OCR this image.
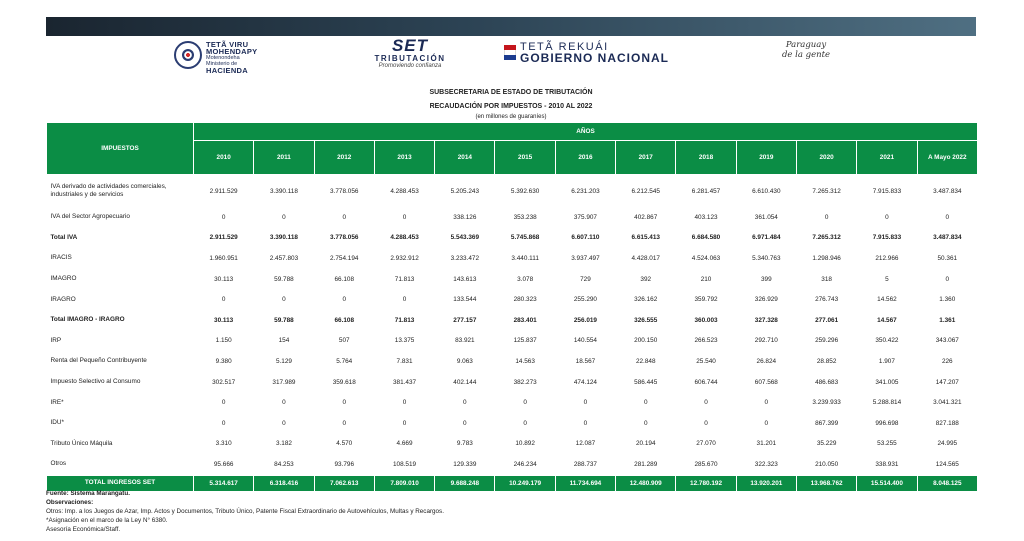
TETÃ VIRU
MOHENDAPY
Motenondeha
Ministerio de
HACIENDA
SET
TRIBUTACIÓN
Promoviendo confianza
TETÃ REKUÁI
GOBIERNO NACIONAL
Paraguay
de la gente
SUBSECRETARIA DE ESTADO DE TRIBUTACIÓN
RECAUDACIÓN POR IMPUESTOS - 2010 AL 2022
(en millones de guaraníes)
IMPUESTOS	AÑOS												
	2010	2011	2012	2013	2014	2015	2016	2017	2018	2019	2020	2021	A Mayo 2022
IVA derivado de actividades comerciales, industriales y de servicios	2.911.529	3.390.118	3.778.056	4.288.453	5.205.243	5.392.630	6.231.203	6.212.545	6.281.457	6.610.430	7.265.312	7.915.833	3.487.834
IVA del Sector Agropecuario	0	0	0	0	338.126	353.238	375.907	402.867	403.123	361.054	0	0	0
Total IVA	2.911.529	3.390.118	3.778.056	4.288.453	5.543.369	5.745.868	6.607.110	6.615.413	6.684.580	6.971.484	7.265.312	7.915.833	3.487.834
IRACIS	1.960.951	2.457.803	2.754.194	2.932.912	3.233.472	3.440.111	3.937.497	4.428.017	4.524.063	5.340.763	1.298.946	212.966	50.361
IMAGRO	30.113	59.788	66.108	71.813	143.613	3.078	729	392	210	399	318	5	0
IRAGRO	0	0	0	0	133.544	280.323	255.290	326.162	359.792	326.929	276.743	14.562	1.360
Total IMAGRO - IRAGRO	30.113	59.788	66.108	71.813	277.157	283.401	256.019	326.555	360.003	327.328	277.061	14.567	1.361
IRP	1.150	154	507	13.375	83.921	125.837	140.554	200.150	266.523	292.710	259.296	350.422	343.067
Renta del Pequeño Contribuyente	9.380	5.129	5.764	7.831	9.063	14.563	18.567	22.848	25.540	26.824	28.852	1.907	226
Impuesto Selectivo al Consumo	302.517	317.989	359.618	381.437	402.144	382.273	474.124	586.445	606.744	607.568	486.683	341.005	147.207
IRE*	0	0	0	0	0	0	0	0	0	0	3.239.933	5.288.814	3.041.321
IDU*	0	0	0	0	0	0	0	0	0	0	867.399	996.698	827.188
Tributo Único Máquila	3.310	3.182	4.570	4.669	9.783	10.892	12.087	20.194	27.070	31.201	35.229	53.255	24.995
Otros	95.666	84.253	93.796	108.519	129.339	246.234	288.737	281.289	285.670	322.323	210.050	338.931	124.565
TOTAL INGRESOS SET	5.314.617	6.318.416	7.062.613	7.809.010	9.688.248	10.249.179	11.734.694	12.480.909	12.780.192	13.920.201	13.968.762	15.514.400	8.048.125
Fuente: Sistema Marangatu.
Observaciones:
Otros: Imp. a los Juegos de Azar, Imp. Actos y Documentos, Tributo Único, Patente Fiscal Extraordinario de Autovehículos, Multas y Recargos.
*Asignación en el marco de la Ley N° 6380.
Asesoría Económica/Staff.
